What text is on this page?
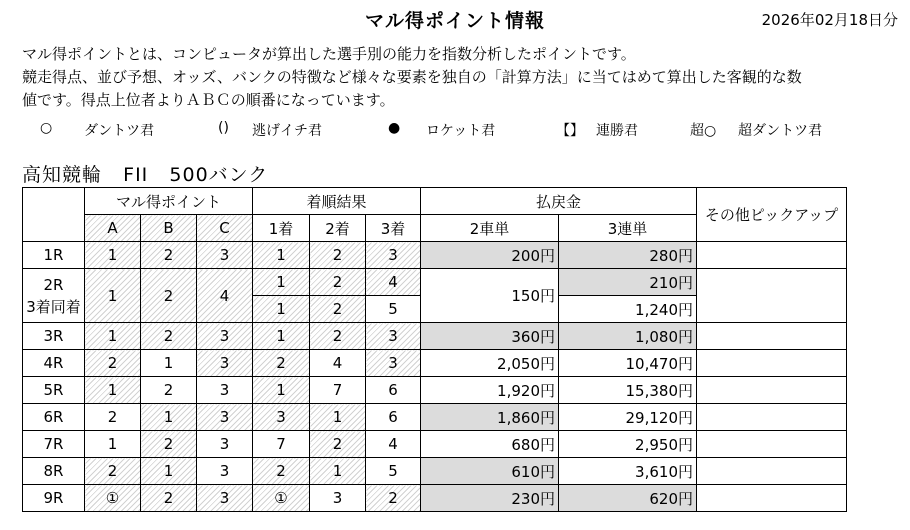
マル得ポイント情報	2026年02月18日分
マル得ポイントとは、コンピュータが算出した選手別の能力を指数分析したポイントです。
競走得点、並び予想、オッズ、バンクの特徴など様々な要素を独自の「計算方法」に当てはめて算出した客観的な数
値です。得点上位者よりＡＢＣの順番になっています。
○ ダントツ君	() 逃げイチ君	● ロケット君	【】 連勝君	超○ 超ダントツ君
高知競輪 FII 500バンク
	マル得ポイント			着順結果			払戻金		その他ピックアップ
	A	B	C	1着	2着	3着	2車単	3連単	
1R	1	2	3	1	2	3	200円	280円	

2R
3着同着	1	2	4	1	2	4	150円	210円	
				1	2	5		1,240円	
3R	1	2	3	1	2	3	360円	1,080円	
4R	2	1	3	2	4	3	2,050円	10,470円	
5R	1	2	3	1	7	6	1,920円	15,380円	
6R	2	1	3	3	1	6	1,860円	29,120円	
7R	1	2	3	7	2	4	680円	2,950円	
8R	2	1	3	2	1	5	610円	3,610円	
9R	①	2	3	①	3	2	230円	620円	
